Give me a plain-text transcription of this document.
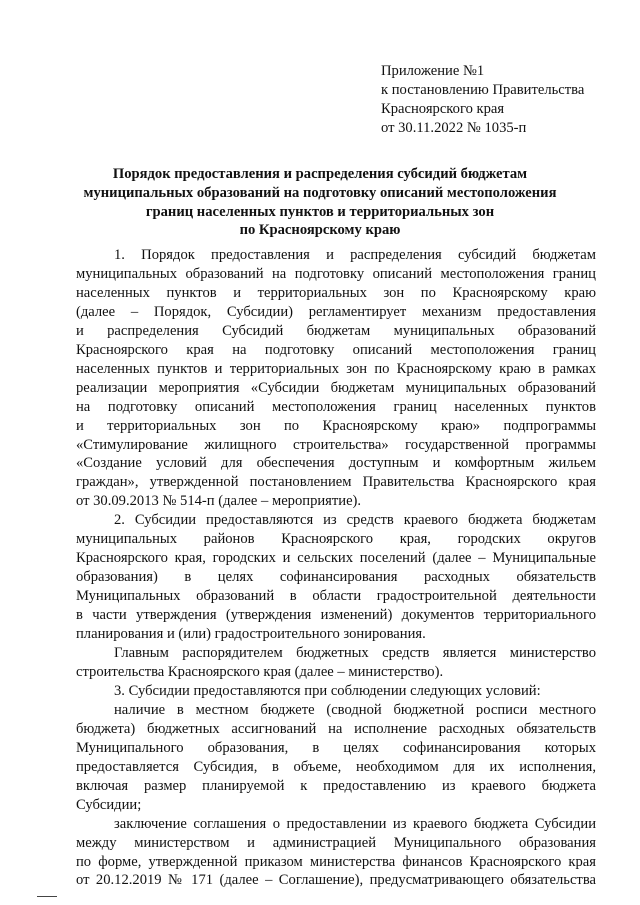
Приложение №1
к постановлению Правительства
Красноярского края
от 30.11.2022 № 1035-п
Порядок предоставления и распределения субсидий бюджетам
муниципальных образований на подготовку описаний местоположения
границ населенных пунктов и территориальных зон
по Красноярскому краю
1. Порядок предоставления и распределения субсидий бюджетам
муниципальных образований на подготовку описаний местоположения границ
населенных пунктов и территориальных зон по Красноярскому краю
(далее – Порядок, Субсидии) регламентирует механизм предоставления
и распределения Субсидий бюджетам муниципальных образований
Красноярского края на подготовку описаний местоположения границ
населенных пунктов и территориальных зон по Красноярскому краю в рамках
реализации мероприятия «Субсидии бюджетам муниципальных образований
на подготовку описаний местоположения границ населенных пунктов
и территориальных зон по Красноярскому краю» подпрограммы
«Стимулирование жилищного строительства» государственной программы
«Создание условий для обеспечения доступным и комфортным жильем
граждан», утвержденной постановлением Правительства Красноярского края
от 30.09.2013 № 514-п (далее – мероприятие).
2. Субсидии предоставляются из средств краевого бюджета бюджетам
муниципальных районов Красноярского края, городских округов
Красноярского края, городских и сельских поселений (далее – Муниципальные
образования) в целях софинансирования расходных обязательств
Муниципальных образований в области градостроительной деятельности
в части утверждения (утверждения изменений) документов территориального
планирования и (или) градостроительного зонирования.
Главным распорядителем бюджетных средств является министерство
строительства Красноярского края (далее – министерство).
3. Субсидии предоставляются при соблюдении следующих условий:
наличие в местном бюджете (сводной бюджетной росписи местного
бюджета) бюджетных ассигнований на исполнение расходных обязательств
Муниципального образования, в целях софинансирования которых
предоставляется Субсидия, в объеме, необходимом для их исполнения,
включая размер планируемой к предоставлению из краевого бюджета
Субсидии;
заключение соглашения о предоставлении из краевого бюджета Субсидии
между министерством и администрацией Муниципального образования
по форме, утвержденной приказом министерства финансов Красноярского края
от 20.12.2019 № 171 (далее – Соглашение), предусматривающего обязательства
